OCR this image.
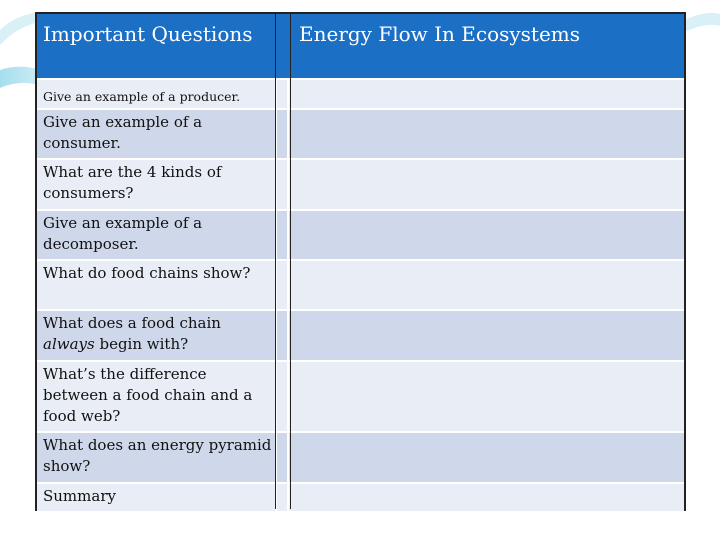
Important Questions	Energy Flow In Ecosystems
Give an example of a producer.
Give an example of a consumer.
What are the 4 kinds of consumers?
Give an example of a decomposer.
What do food chains show?
What does a food chain always begin with?
What’s the difference between a food chain and a food web?
What does an energy pyramid show?
Summary
